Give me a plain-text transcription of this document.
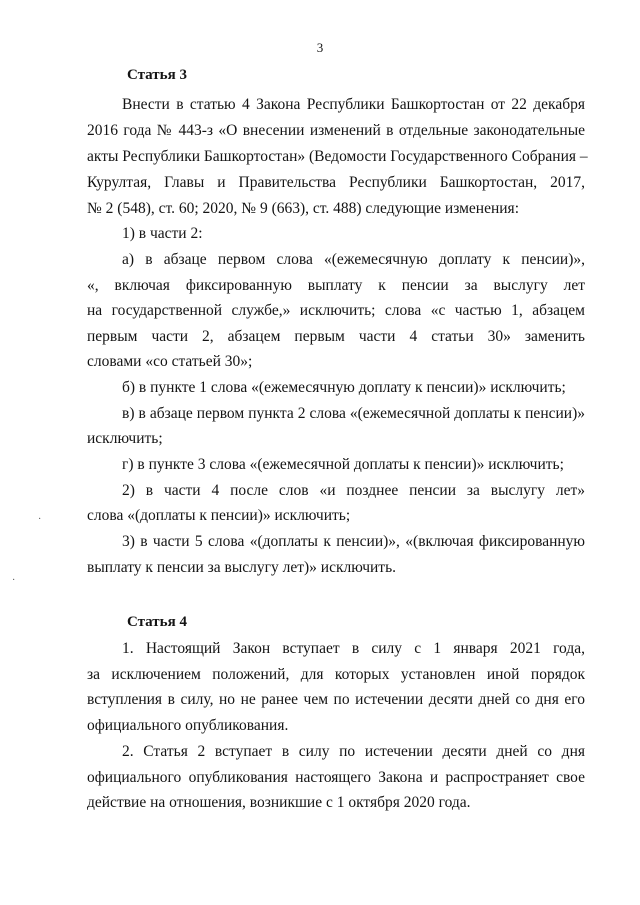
3
Статья 3
Внести в статью 4 Закона Республики Башкортостан от 22 декабря
2016 года № 443-з «О внесении изменений в отдельные законодательные
акты Республики Башкортостан» (Ведомости Государственного Собрания –
Курултая, Главы и Правительства Республики Башкортостан, 2017,
№ 2 (548), ст. 60; 2020, № 9 (663), ст. 488) следующие изменения:
1) в части 2:
а) в абзаце первом слова «(ежемесячную доплату к пенсии)»,
«, включая фиксированную выплату к пенсии за выслугу лет
на государственной службе,» исключить; слова «с частью 1, абзацем
первым части 2, абзацем первым части 4 статьи 30» заменить
словами «со статьей 30»;
б) в пункте 1 слова «(ежемесячную доплату к пенсии)» исключить;
в) в абзаце первом пункта 2 слова «(ежемесячной доплаты к пенсии)»
исключить;
г) в пункте 3 слова «(ежемесячной доплаты к пенсии)» исключить;
2) в части 4 после слов «и позднее пенсии за выслугу лет»
слова «(доплаты к пенсии)» исключить;
3) в части 5 слова «(доплаты к пенсии)», «(включая фиксированную
выплату к пенсии за выслугу лет)» исключить.
Статья 4
1. Настоящий Закон вступает в силу с 1 января 2021 года,
за исключением положений, для которых установлен иной порядок
вступления в силу, но не ранее чем по истечении десяти дней со дня его
официального опубликования.
2. Статья 2 вступает в силу по истечении десяти дней со дня
официального опубликования настоящего Закона и распространяет свое
действие на отношения, возникшие с 1 октября 2020 года.
·
·
